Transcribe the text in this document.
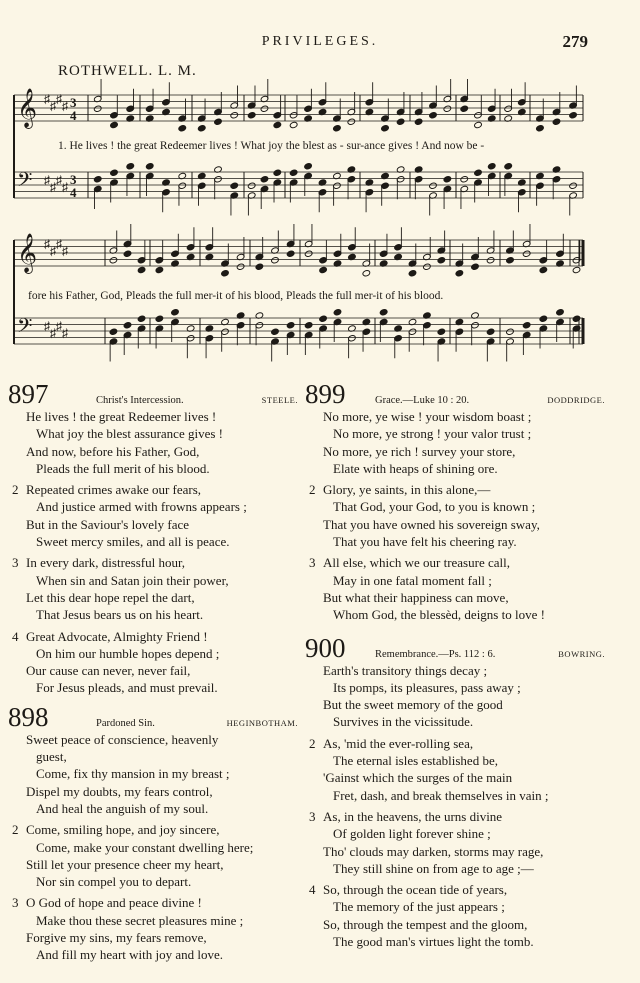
PRIVILEGES.	279
ROTHWELL. L. M.
𝄞 ♯ ♯ ♯ ♯ 3
4
𝄢 ♯ ♯ ♯ ♯ 3
4
𝄞 ♯ ♯ ♯ ♯
𝄢 ♯ ♯ ♯ ♯
1. He lives ! the great Redeemer lives ! What joy the blest as - sur-ance gives ! And now be -
fore his Father, God, Pleads the full mer-it of his blood, Pleads the full mer-it of his blood.
897	Christ's Intercession.	STEELE.
He lives ! the great Redeemer lives !
What joy the blest assurance gives !
And now, before his Father, God,
Pleads the full merit of his blood.
2 Repeated crimes awake our fears,
And justice armed with frowns appears ;
But in the Saviour's lovely face
Sweet mercy smiles, and all is peace.
3 In every dark, distressful hour,
When sin and Satan join their power,
Let this dear hope repel the dart,
That Jesus bears us on his heart.
4 Great Advocate, Almighty Friend !
On him our humble hopes depend ;
Our cause can never, never fail,
For Jesus pleads, and must prevail.
898	Pardoned Sin.	HEGINBOTHAM.
Sweet peace of conscience, heavenly
guest,
Come, fix thy mansion in my breast ;
Dispel my doubts, my fears control,
And heal the anguish of my soul.
2 Come, smiling hope, and joy sincere,
Come, make your constant dwelling here;
Still let your presence cheer my heart,
Nor sin compel you to depart.
3 O God of hope and peace divine !
Make thou these secret pleasures mine ;
Forgive my sins, my fears remove,
And fill my heart with joy and love.
899	Grace.—Luke 10 : 20.	DODDRIDGE.
No more, ye wise ! your wisdom boast ;
No more, ye strong ! your valor trust ;
No more, ye rich ! survey your store,
Elate with heaps of shining ore.
2 Glory, ye saints, in this alone,—
That God, your God, to you is known ;
That you have owned his sovereign sway,
That you have felt his cheering ray.
3 All else, which we our treasure call,
May in one fatal moment fall ;
But what their happiness can move,
Whom God, the blessèd, deigns to love !
900	Remembrance.—Ps. 112 : 6.	BOWRING.
Earth's transitory things decay ;
Its pomps, its pleasures, pass away ;
But the sweet memory of the good
Survives in the vicissitude.
2 As, 'mid the ever-rolling sea,
The eternal isles established be,
'Gainst which the surges of the main
Fret, dash, and break themselves in vain ;
3 As, in the heavens, the urns divine
Of golden light forever shine ;
Tho' clouds may darken, storms may rage,
They still shine on from age to age ;—
4 So, through the ocean tide of years,
The memory of the just appears ;
So, through the tempest and the gloom,
The good man's virtues light the tomb.
